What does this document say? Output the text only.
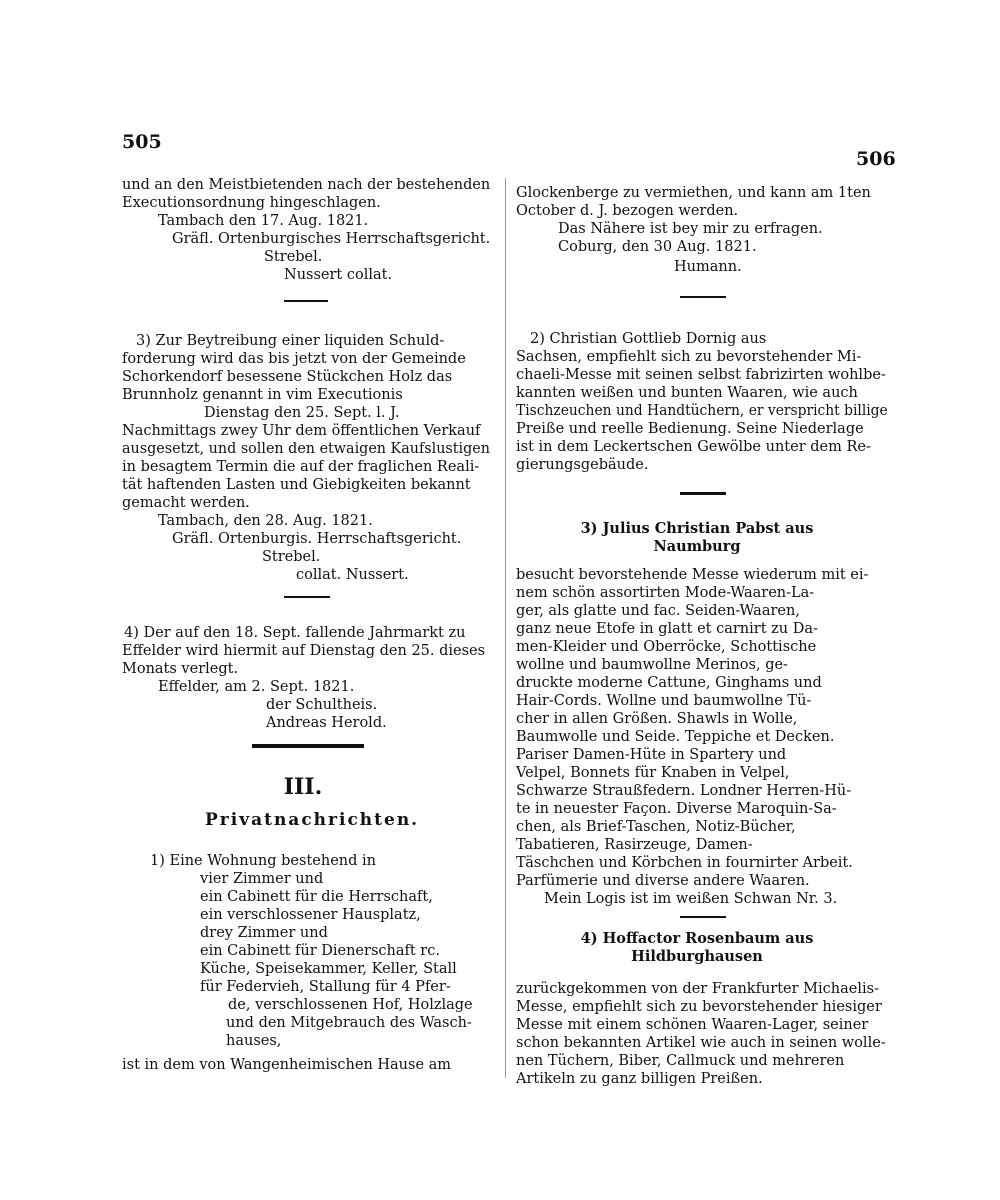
505
506
und an den Meistbietenden nach der bestehenden
Executionsordnung hingeschlagen.
Tambach den 17. Aug. 1821.
Gräfl. Ortenburgisches Herrschaftsgericht.
Strebel.
Nussert collat.
3) Zur Beytreibung einer liquiden Schuld-
forderung wird das bis jetzt von der Gemeinde
Schorkendorf besessene Stückchen Holz das
Brunnholz genannt in vim Executionis
Dienstag den 25. Sept. l. J.
Nachmittags zwey Uhr dem öffentlichen Verkauf
ausgesetzt, und sollen den etwaigen Kaufslustigen
in besagtem Termin die auf der fraglichen Reali-
tät haftenden Lasten und Giebigkeiten bekannt
gemacht werden.
Tambach, den 28. Aug. 1821.
Gräfl. Ortenburgis. Herrschaftsgericht.
Strebel.
collat. Nussert.
4) Der auf den 18. Sept. fallende Jahrmarkt zu
Effelder wird hiermit auf Dienstag den 25. dieses
Monats verlegt.
Effelder, am 2. Sept. 1821.
der Schultheis.
Andreas Herold.
III.
Privatnachrichten.
1) Eine Wohnung bestehend in
vier Zimmer und
ein Cabinett für die Herrschaft,
ein verschlossener Hausplatz,
drey Zimmer und
ein Cabinett für Dienerschaft rc.
Küche, Speisekammer, Keller, Stall
für Federvieh, Stallung für 4 Pfer-
de, verschlossenen Hof, Holzlage
und den Mitgebrauch des Wasch-
hauses,
ist in dem von Wangenheimischen Hause am
Glockenberge zu vermiethen, und kann am 1ten
October d. J. bezogen werden.
Das Nähere ist bey mir zu erfragen.
Coburg, den 30 Aug. 1821.
Humann.
2) Christian Gottlieb Dornig aus
Sachsen, empfiehlt sich zu bevorstehender Mi-
chaeli-Messe mit seinen selbst fabrizirten wohlbe-
kannten weißen und bunten Waaren, wie auch
Tischzeuchen und Handtüchern, er verspricht billige
Preiße und reelle Bedienung. Seine Niederlage
ist in dem Leckertschen Gewölbe unter dem Re-
gierungsgebäude.
3) Julius Christian Pabst aus
Naumburg
besucht bevorstehende Messe wiederum mit ei-
nem schön assortirten Mode-Waaren-La-
ger, als glatte und fac. Seiden-Waaren,
ganz neue Etofe in glatt et carnirt zu Da-
men-Kleider und Oberröcke, Schottische
wollne und baumwollne Merinos, ge-
druckte moderne Cattune, Ginghams und
Hair-Cords. Wollne und baumwollne Tü-
cher in allen Größen. Shawls in Wolle,
Baumwolle und Seide. Teppiche et Decken.
Pariser Damen-Hüte in Spartery und
Velpel, Bonnets für Knaben in Velpel,
Schwarze Straußfedern. Londner Herren-Hü-
te in neuester Façon. Diverse Maroquin-Sa-
chen, als Brief-Taschen, Notiz-Bücher,
Tabatieren, Rasirzeuge, Damen-
Täschchen und Körbchen in fournirter Arbeit.
Parfümerie und diverse andere Waaren.
Mein Logis ist im weißen Schwan Nr. 3.
4) Hoffactor Rosenbaum aus
Hildburghausen
zurückgekommen von der Frankfurter Michaelis-
Messe, empfiehlt sich zu bevorstehender hiesiger
Messe mit einem schönen Waaren-Lager, seiner
schon bekannten Artikel wie auch in seinen wolle-
nen Tüchern, Biber, Callmuck und mehreren
Artikeln zu ganz billigen Preißen.
